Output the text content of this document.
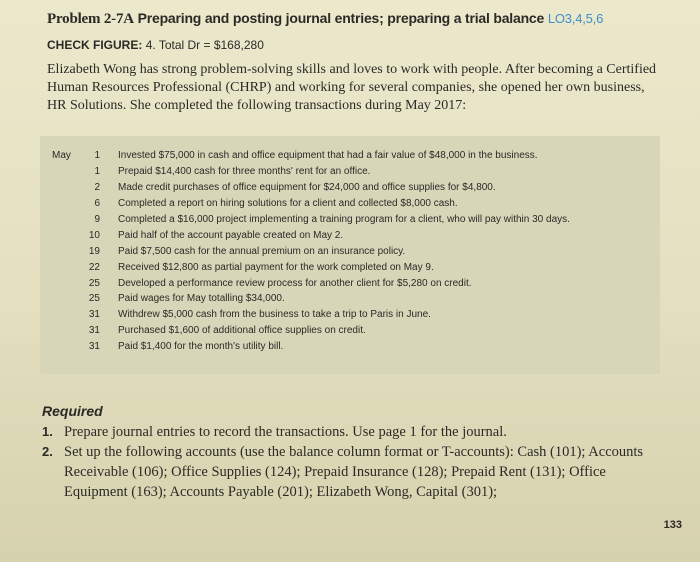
Problem 2-7A Preparing and posting journal entries; preparing a trial balance LO3,4,5,6

CHECK FIGURE: 4. Total Dr = $168,280
Elizabeth Wong has strong problem-solving skills and loves to work with people. After becoming a Certified Human Resources Professional (CHRP) and working for several companies, she opened her own business, HR Solutions. She completed the following transactions during May 2017:
May	1 Invested $75,000 in cash and office equipment that had a fair value of $48,000 in the business.
1 Prepaid $14,400 cash for three months' rent for an office.
2 Made credit purchases of office equipment for $24,000 and office supplies for $4,800.
6 Completed a report on hiring solutions for a client and collected $8,000 cash.
9 Completed a $16,000 project implementing a training program for a client, who will pay within 30 days.
10 Paid half of the account payable created on May 2.
19 Paid $7,500 cash for the annual premium on an insurance policy.
22 Received $12,800 as partial payment for the work completed on May 9.
25 Developed a performance review process for another client for $5,280 on credit.
25 Paid wages for May totalling $34,000.
31 Withdrew $5,000 cash from the business to take a trip to Paris in June.
31 Purchased $1,600 of additional office supplies on credit.
31 Paid $1,400 for the month's utility bill.
Required
1. Prepare journal entries to record the transactions. Use page 1 for the journal.
2. Set up the following accounts (use the balance column format or T-accounts): Cash (101); Accounts Receivable (106); Office Supplies (124); Prepaid Insurance (128); Prepaid Rent (131); Office Equipment (163); Accounts Payable (201); Elizabeth Wong, Capital (301);
133
